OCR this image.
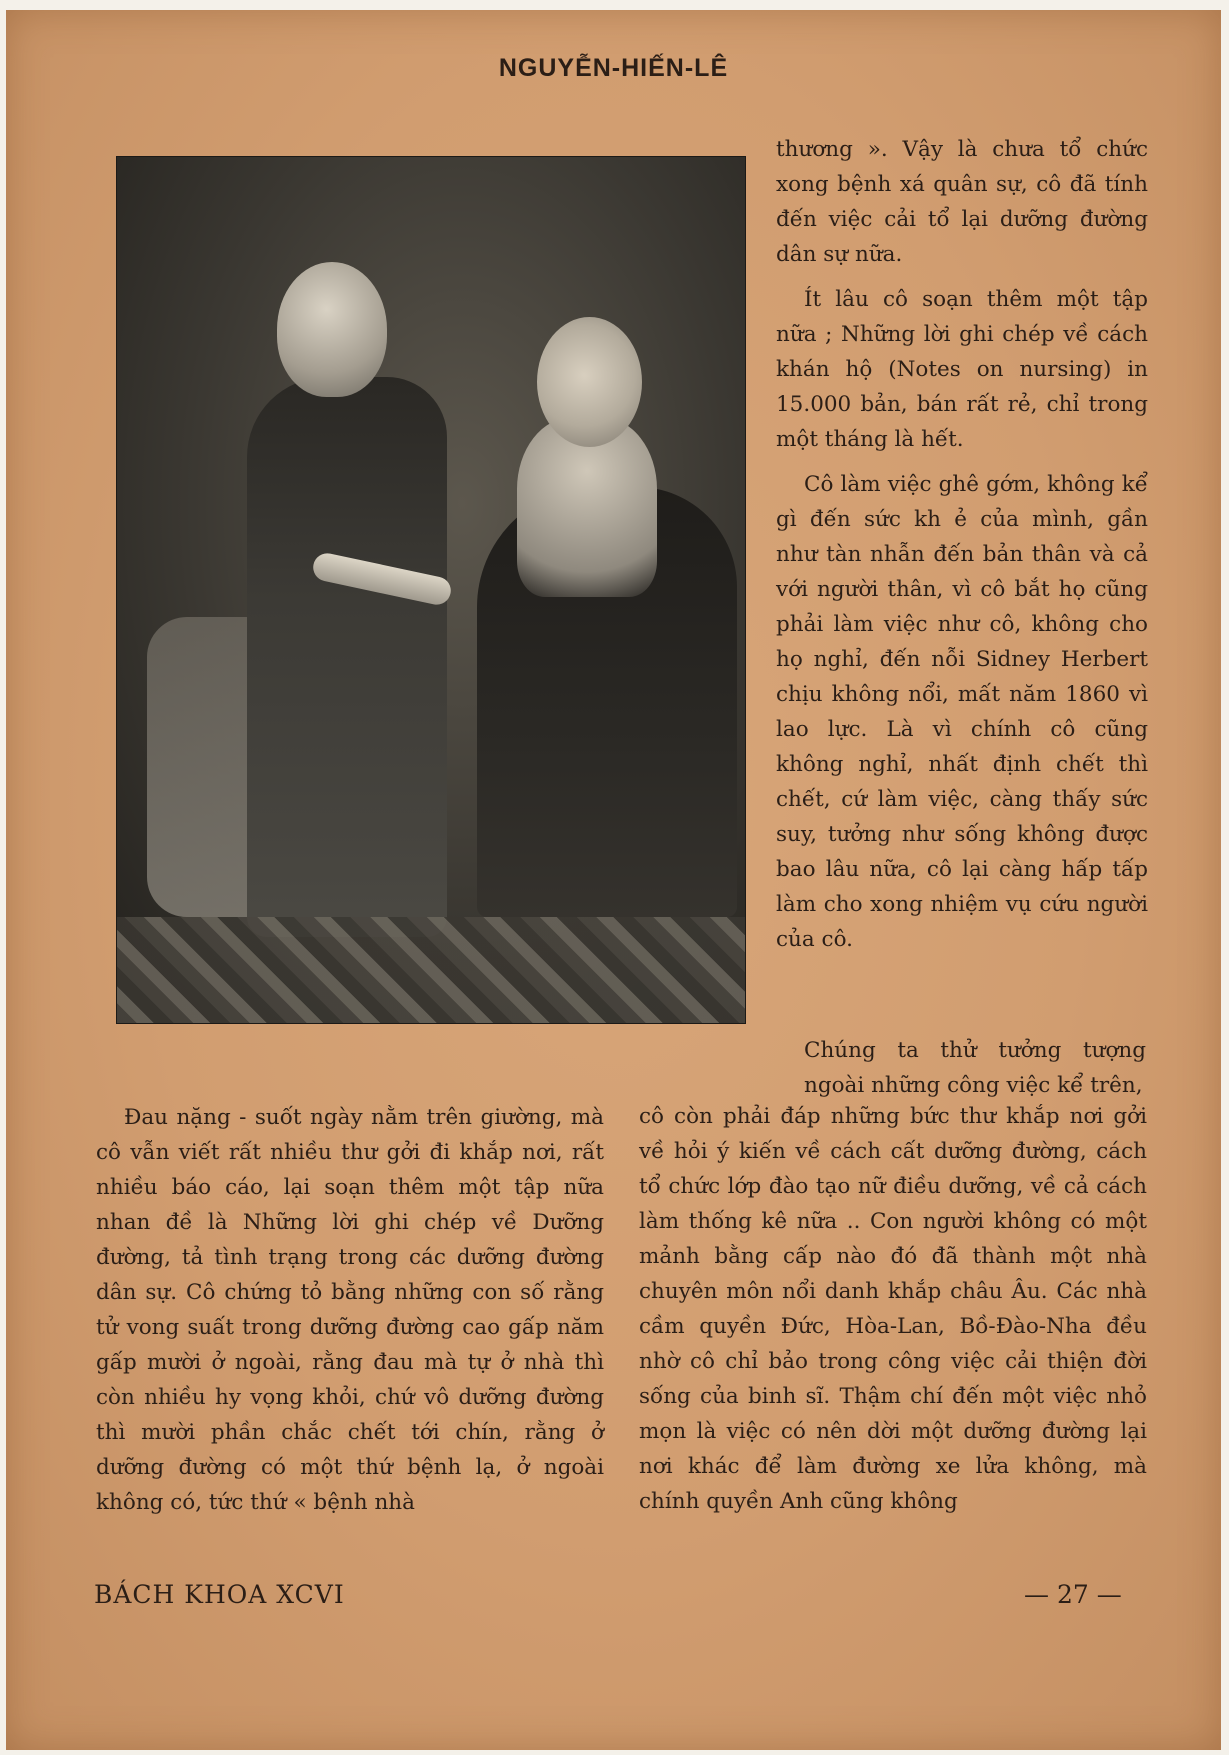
NGUYỄN-HIẾN-LÊ

thương ». Vậy là chưa tổ chức xong bệnh xá quân sự, cô đã tính đến việc cải tổ lại dưỡng đường dân sự nữa.

Ít lâu cô soạn thêm một tập nữa ; Những lời ghi chép về cách khán hộ (Notes on nursing) in 15.000 bản, bán rất rẻ, chỉ trong một tháng là hết.

Cô làm việc ghê gớm, không kể gì đến sức kh ẻ của mình, gần như tàn nhẫn đến bản thân và cả với người thân, vì cô bắt họ cũng phải làm việc như cô, không cho họ nghỉ, đến nỗi Sidney Herbert chịu không nổi, mất năm 1860 vì lao lực. Là vì chính cô cũng không nghỉ, nhất định chết thì chết, cứ làm việc, càng thấy sức suy, tưởng như sống không được bao lâu nữa, cô lại càng hấp tấp làm cho xong nhiệm vụ cứu người của cô.

Chúng ta thử tưởng tượng ngoài những công việc kể trên,

Đau nặng - suốt ngày nằm trên giường, mà cô vẫn viết rất nhiều thư gởi đi khắp nơi, rất nhiều báo cáo, lại soạn thêm một tập nữa nhan đề là Những lời ghi chép về Dưỡng đường, tả tình trạng trong các dưỡng đường dân sự. Cô chứng tỏ bằng những con số rằng tử vong suất trong dưỡng đường cao gấp năm gấp mười ở ngoài, rằng đau mà tự ở nhà thì còn nhiều hy vọng khỏi, chứ vô dưỡng đường thì mười phần chắc chết tới chín, rằng ở dưỡng đường có một thứ bệnh lạ, ở ngoài không có, tức thứ « bệnh nhà

cô còn phải đáp những bức thư khắp nơi gởi về hỏi ý kiến về cách cất dưỡng đường, cách tổ chức lớp đào tạo nữ điều dưỡng, về cả cách làm thống kê nữa .. Con người không có một mảnh bằng cấp nào đó đã thành một nhà chuyên môn nổi danh khắp châu Âu. Các nhà cầm quyền Đức, Hòa-Lan, Bồ-Đào-Nha đều nhờ cô chỉ bảo trong công việc cải thiện đời sống của binh sĩ. Thậm chí đến một việc nhỏ mọn là việc có nên dời một dưỡng đường lại nơi khác để làm đường xe lửa không, mà chính quyền Anh cũng không

BÁCH KHOA XCVI	— 27 —
